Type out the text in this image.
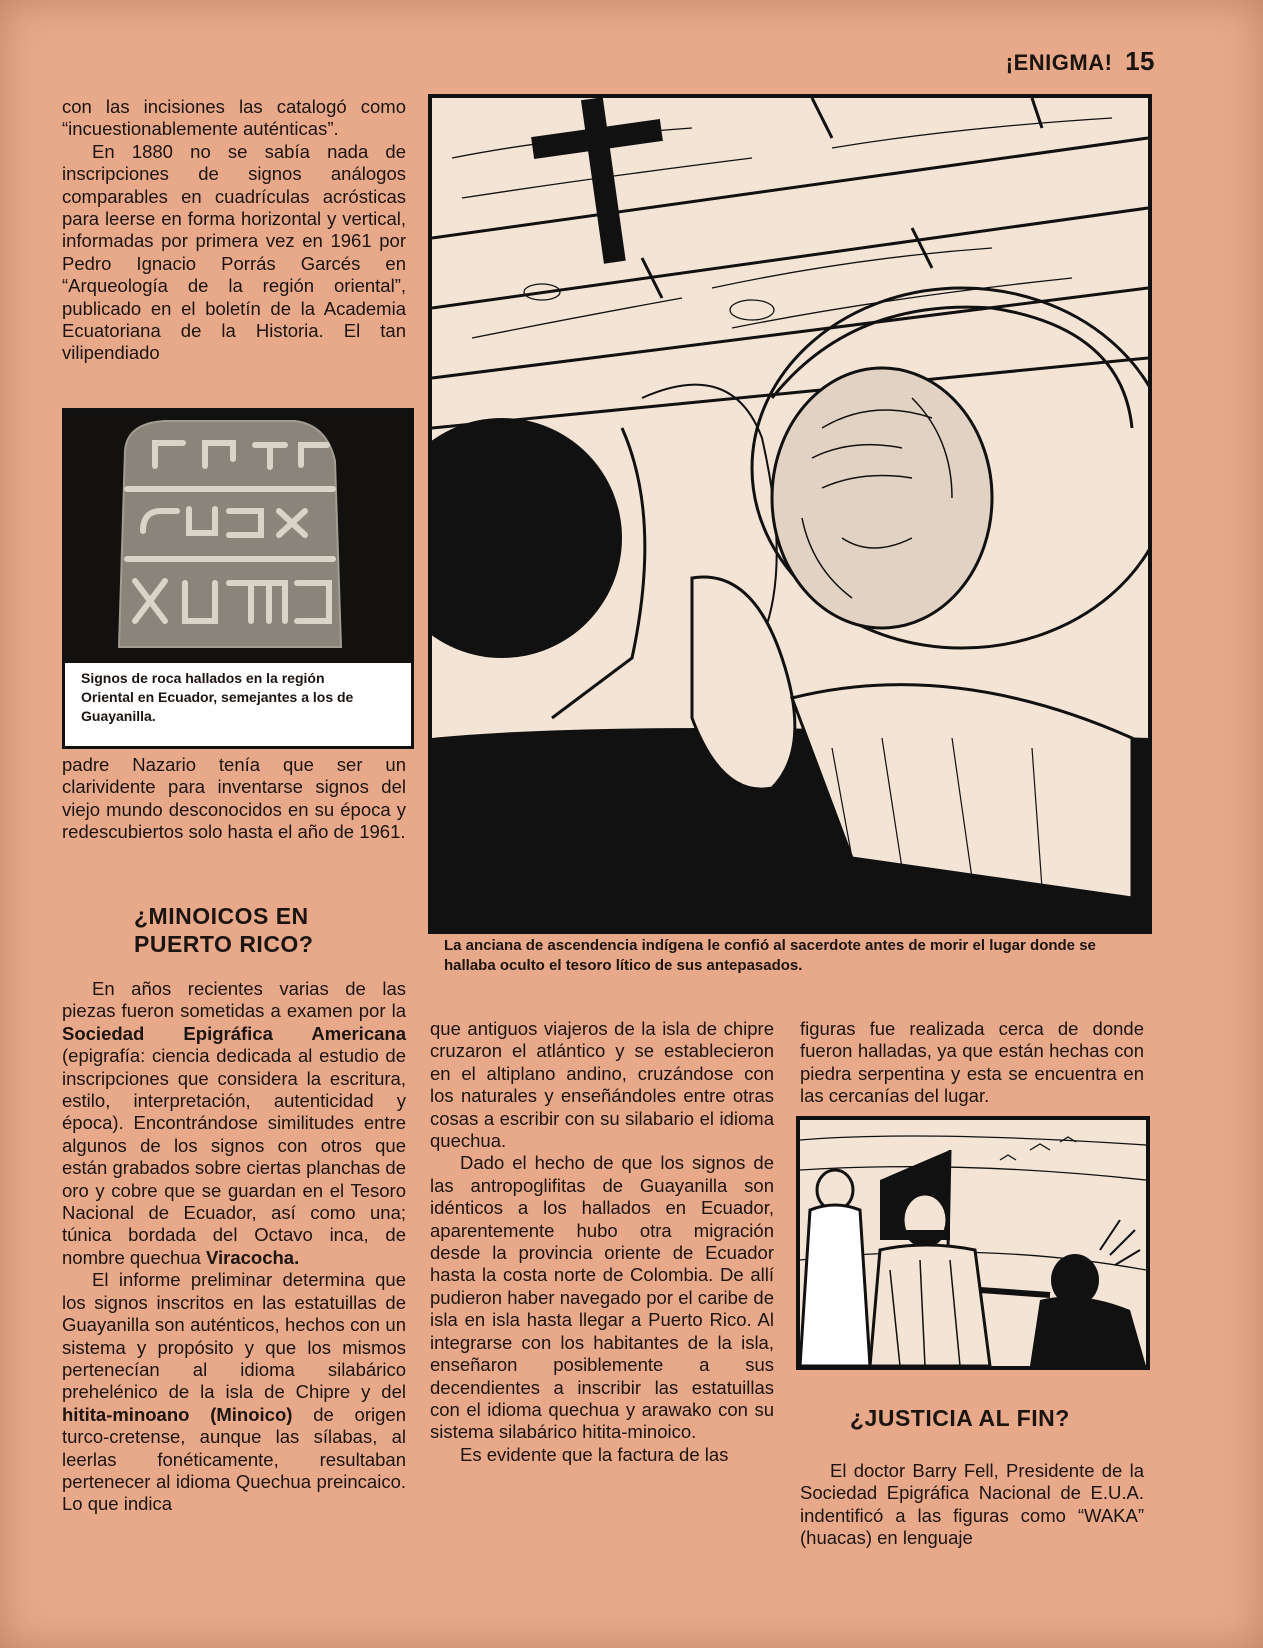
¡ENIGMA! 15

con las incisiones las catalogó como “incuestionablemente auténticas”.

En 1880 no se sabía nada de inscripciones de signos análogos comparables en cuadrículas acrósticas para leerse en forma horizontal y vertical, informadas por primera vez en 1961 por Pedro Ignacio Porrás Garcés en “Arqueología de la región oriental”, publicado en el boletín de la Academia Ecuatoriana de la Historia. El tan vilipendiado

Signos de roca hallados en la región Oriental en Ecuador, semejantes a los de Guayanilla.

padre Nazario tenía que ser un clarividente para inventarse signos del viejo mundo desconocidos en su época y redescubiertos solo hasta el año de 1961.

¿MINOICOS EN PUERTO RICO?

En años recientes varias de las piezas fueron sometidas a examen por la Sociedad Epigráfica Americana (epigrafía: ciencia dedicada al estudio de inscripciones que considera la escritura, estilo, interpretación, autenticidad y época). Encontrándose similitudes entre algunos de los signos con otros que están grabados sobre ciertas planchas de oro y cobre que se guardan en el Tesoro Nacional de Ecuador, así como una; túnica bordada del Octavo inca, de nombre quechua Viracocha.

El informe preliminar determina que los signos inscritos en las estatuillas de Guayanilla son auténticos, hechos con un sistema y propósito y que los mismos pertenecían al idioma silabárico prehelénico de la isla de Chipre y del hitita-minoano (Minoico) de origen turco-cretense, aunque las sílabas, al leerlas fonéticamente, resultaban pertenecer al idioma Quechua preincaico. Lo que indica

La anciana de ascendencia indígena le confió al sacerdote antes de morir el lugar donde se hallaba oculto el tesoro lítico de sus antepasados.

que antiguos viajeros de la isla de chipre cruzaron el atlántico y se establecieron en el altiplano andino, cruzándose con los naturales y enseñándoles entre otras cosas a escribir con su silabario el idioma quechua.

Dado el hecho de que los signos de las antropoglifitas de Guayanilla son idénticos a los hallados en Ecuador, aparentemente hubo otra migración desde la provincia oriente de Ecuador hasta la costa norte de Colombia. De allí pudieron haber navegado por el caribe de isla en isla hasta llegar a Puerto Rico. Al integrarse con los habitantes de la isla, enseñaron posiblemente a sus decendientes a inscribir las estatuillas con el idioma quechua y arawako con su sistema silabárico hitita-minoico.

Es evidente que la factura de las

figuras fue realizada cerca de donde fueron halladas, ya que están hechas con piedra serpentina y esta se encuentra en las cercanías del lugar.

¿JUSTICIA AL FIN?

El doctor Barry Fell, Presidente de la Sociedad Epigráfica Nacional de E.U.A. indentificó a las figuras como “WAKA” (huacas) en lenguaje
